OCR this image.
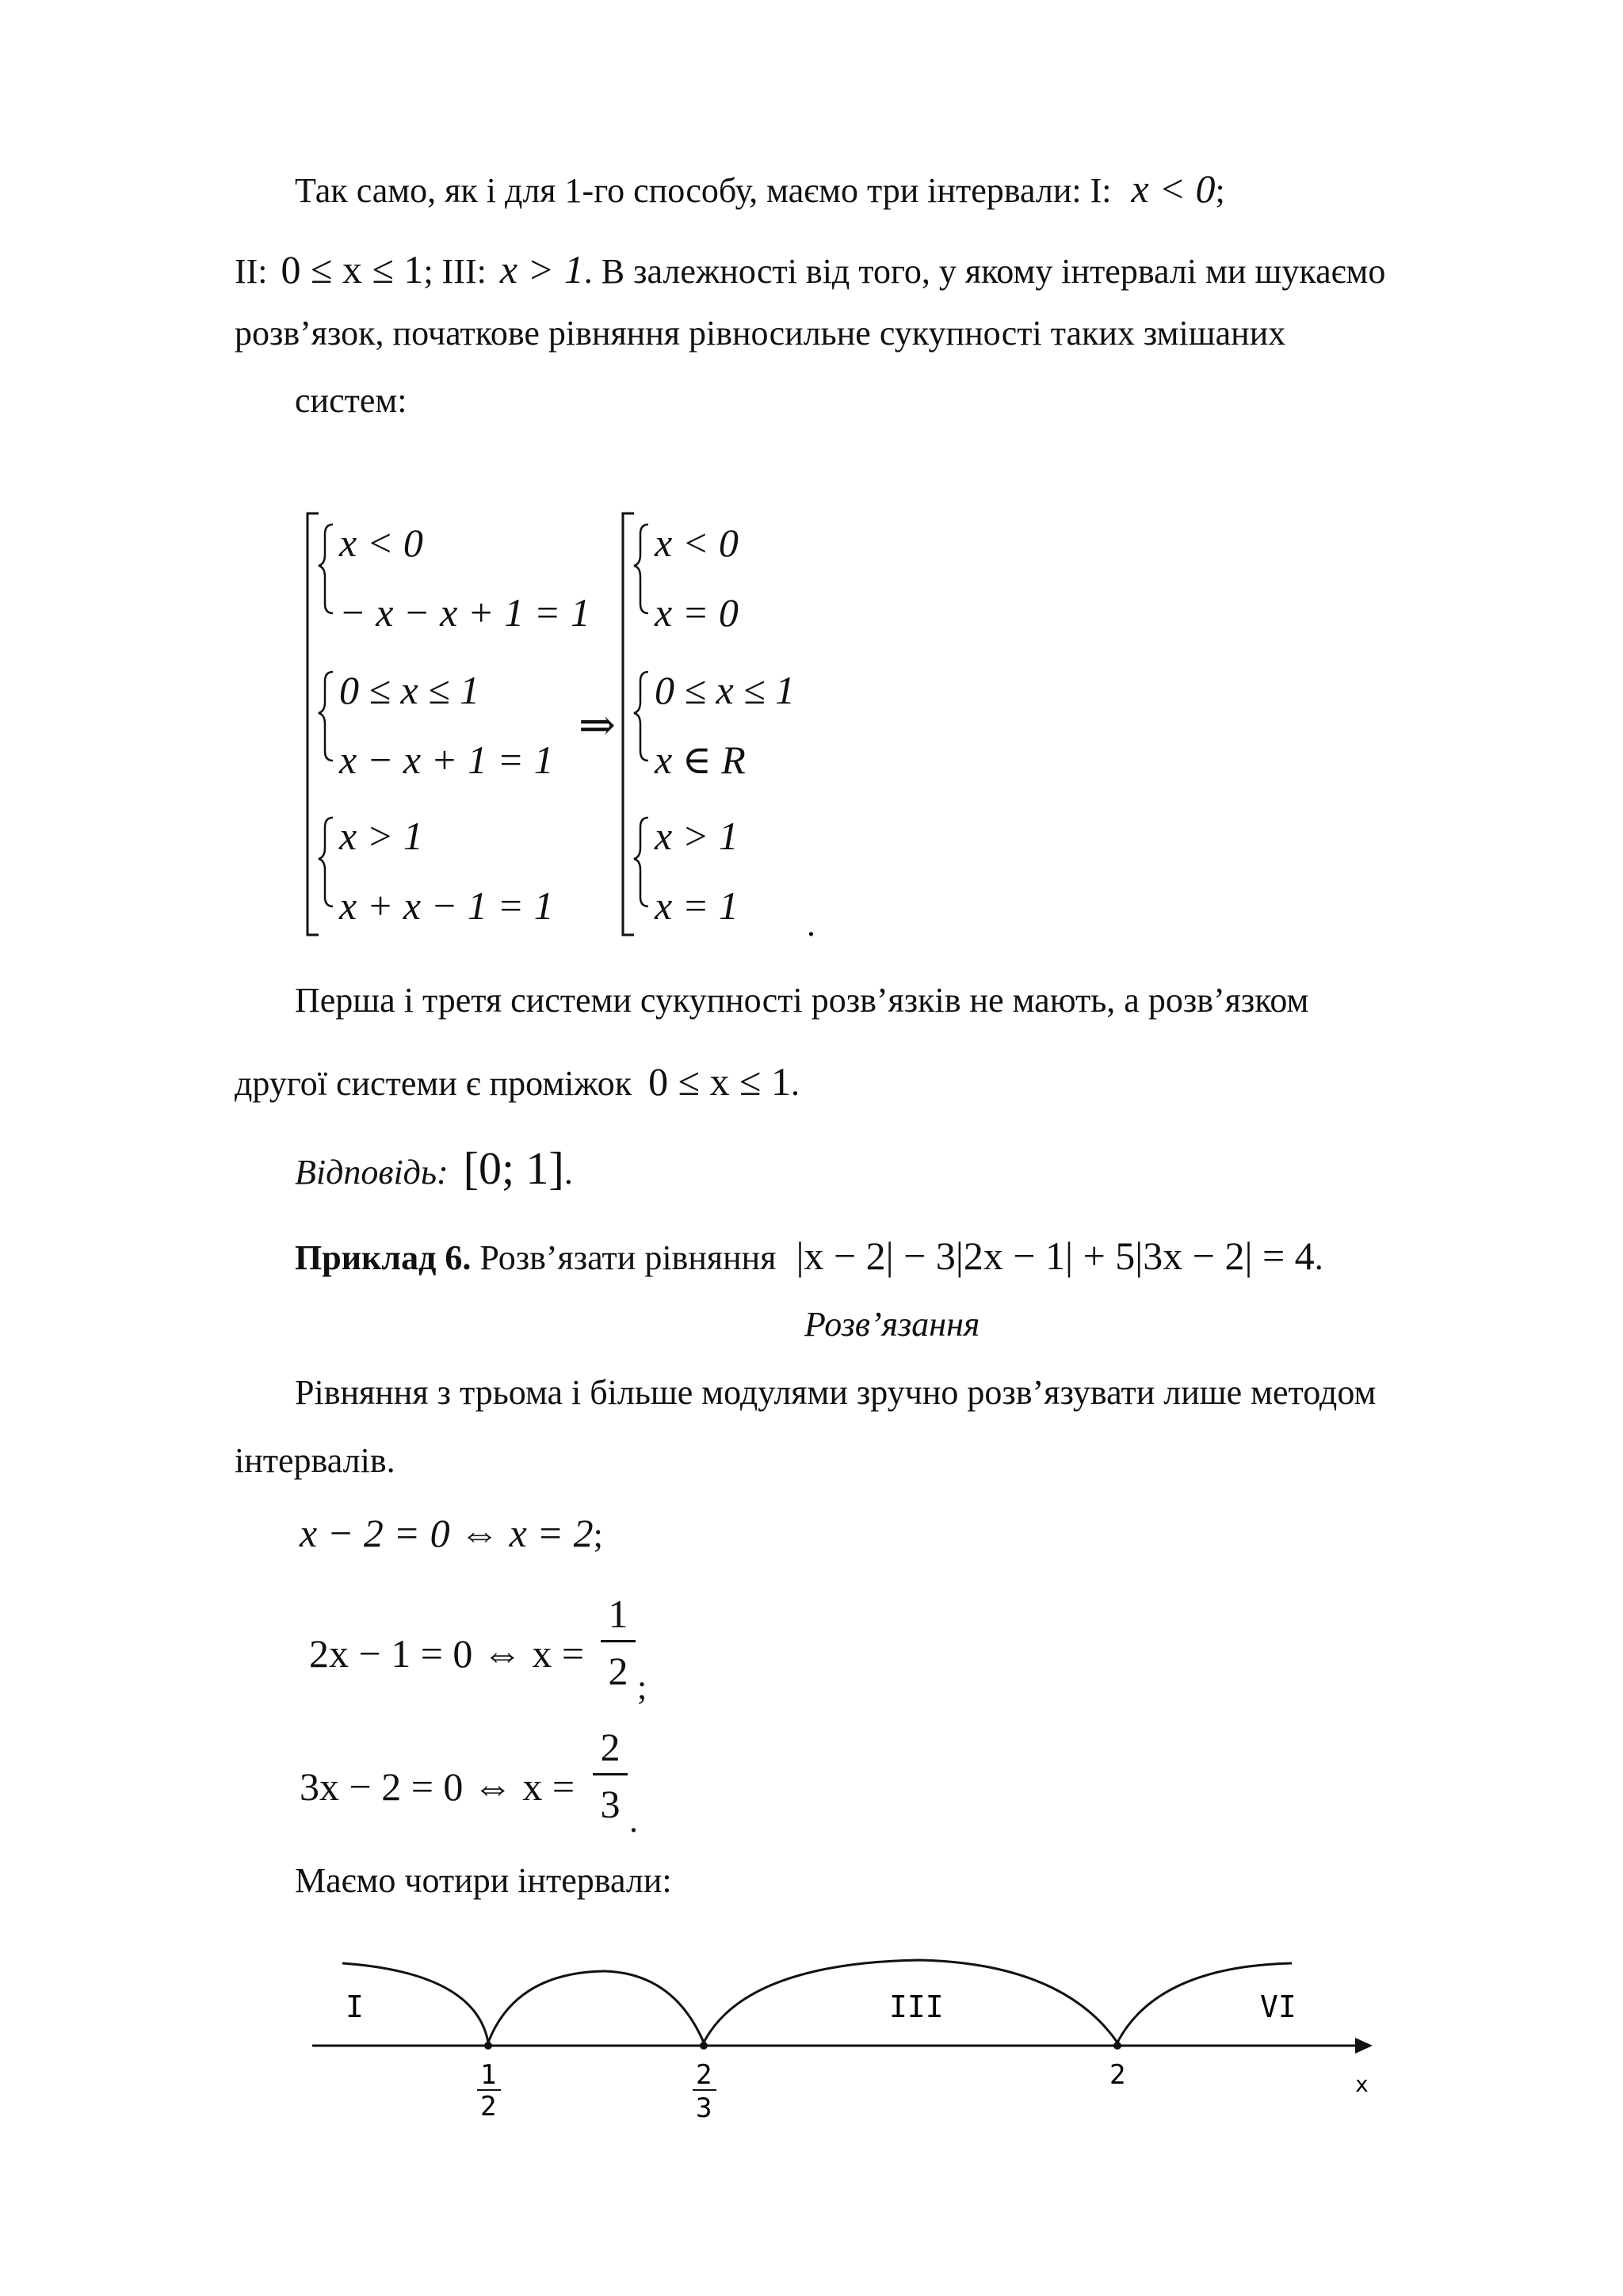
Так само, як і для 1-го способу, маємо три інтервали: I: x < 0;
II: 0 ≤ x ≤ 1; III: x > 1. В залежності від того, у якому інтервалі ми шукаємо
розв’язок, початкове рівняння рівносильне сукупності таких змішаних
систем:
x < 0
− x − x + 1 = 1
0 ≤ x ≤ 1
x − x + 1 = 1
x > 1
x + x − 1 = 1
⇒
x < 0
x = 0
0 ≤ x ≤ 1
x ∈ R
x > 1
x = 1 .
Перша і третя системи сукупності розв’язків не мають, а розв’язком
другої системи є проміжок 0 ≤ x ≤ 1.
Відповідь: [0; 1].
Приклад 6. Розв’язати рівняння |x − 2| − 3|2x − 1| + 5|3x − 2| = 4.
Розв’язання
Рівняння з трьома і більше модулями зручно розв’язувати лише методом
інтервалів.
x − 2 = 0 ⇔ x = 2;
2x − 1 = 0 ⇔ x =
1
2 ;
3x − 2 = 0 ⇔ x =
2
3 .
Маємо чотири інтервали:
I	III	VI
1
2
2
3
2	x
